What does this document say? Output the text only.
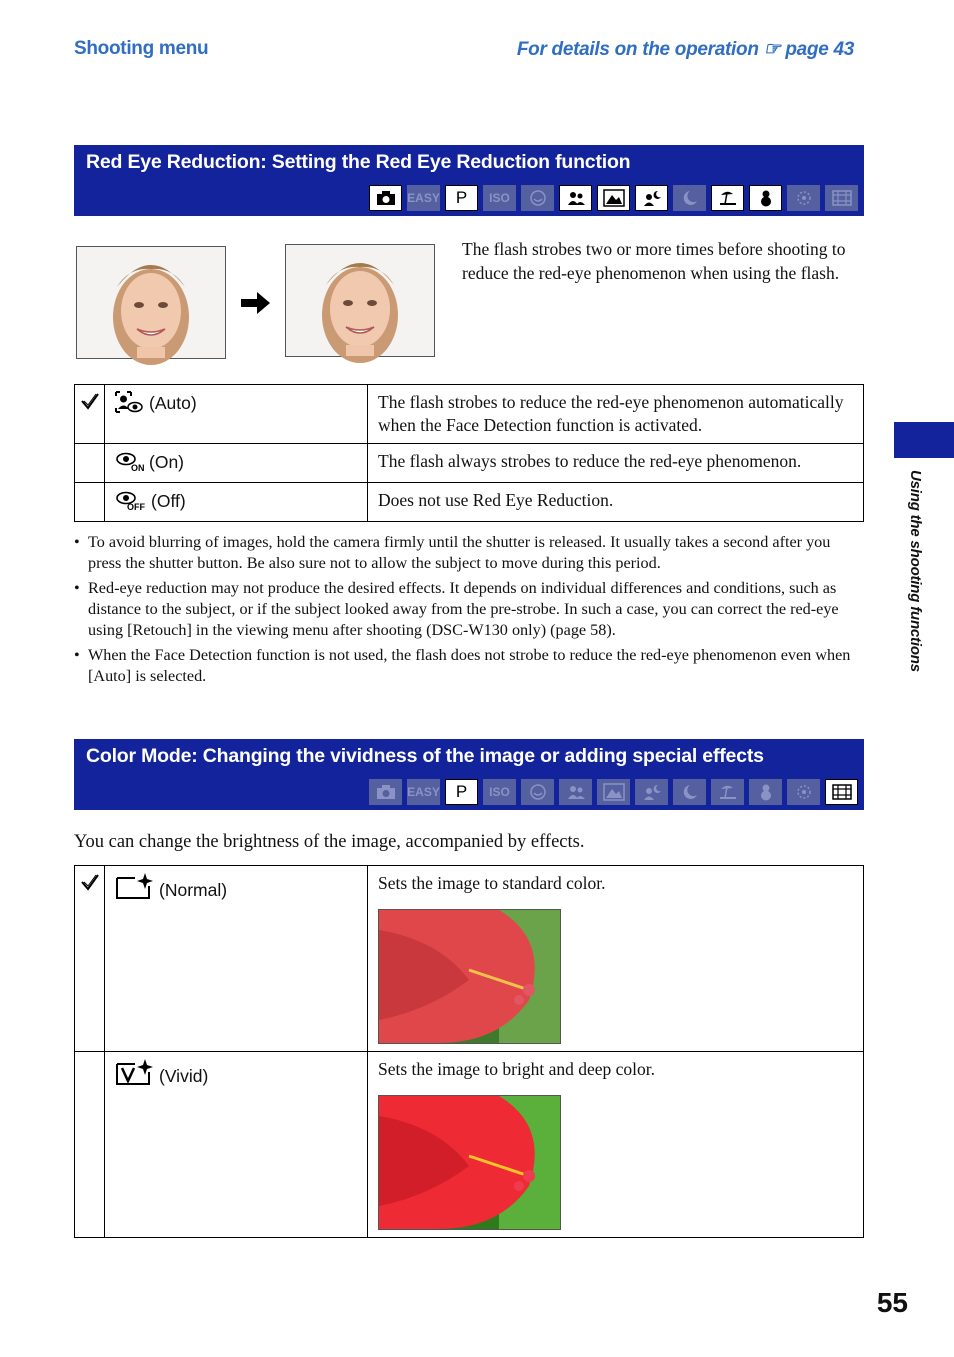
Shooting menu	For details on the operation ☞ page 43
Red Eye Reduction: Setting the Red Eye Reduction function
EASY P	ISO
The flash strobes two or more times before shooting to reduce the red-eye phenomenon when using the flash.
	(Auto)	The flash strobes to reduce the red-eye phenomenon automatically when the Face Detection function is activated.

ON (On)	The flash always strobes to reduce the red-eye phenomenon.

OFF (Off)	Does not use Red Eye Reduction.
• To avoid blurring of images, hold the camera firmly until the shutter is released. It usually takes a second after you press the shutter button. Be also sure not to allow the subject to move during this period.
• Red-eye reduction may not produce the desired effects. It depends on individual differences and conditions, such as distance to the subject, or if the subject looked away from the pre-strobe. In such a case, you can correct the red-eye using [Retouch] in the viewing menu after shooting (DSC-W130 only) (page 58).
• When the Face Detection function is not used, the flash does not strobe to reduce the red-eye phenomenon even when [Auto] is selected.
Color Mode: Changing the vividness of the image or adding special effects
EASY P	ISO
You can change the brightness of the image, accompanied by effects.
	(Normal)	Sets the image to standard color.

	(Vivid)	Sets the image to bright and deep color.
Using the shooting functions
55
